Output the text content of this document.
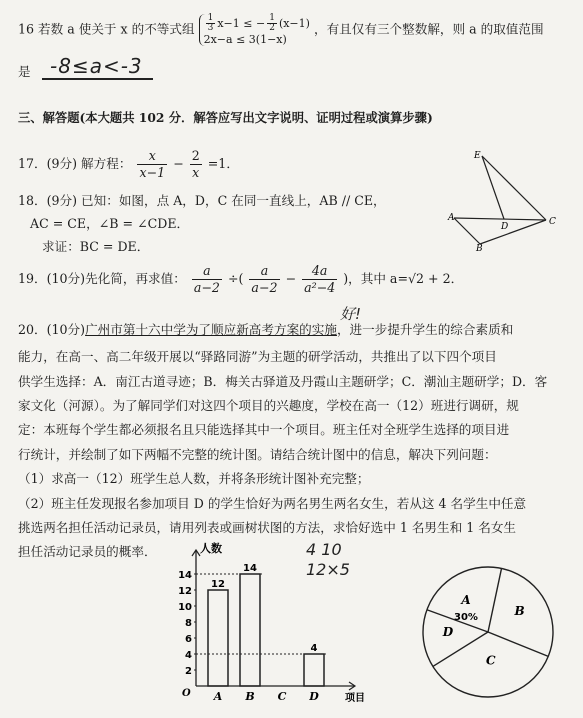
16 若数 a 使关于 x 的不等式组 $\frac{1}{3} x-1$ ≤ − $\frac{1}{2} (x-1)$
2x−a ≤ 3(1−x) ，有且仅有三个整数解，则 a 的取值范围
是 -8≤a<-3
三、解答题(本大题共 102 分．解答应写出文字说明、证明过程或演算步骤)
17．(9分) 解方程： $\frac{x}{x-1} - \frac{2}{x} =1$．
18．(9分) 已知：如图，点 A，D，C 在同一直线上，AB // CE，
AC = CE，∠B = ∠CDE．
求证：BC = DE．
E
A
D	C
B
19．(10分)先化简，再求值： $\frac{a}{a-2}$ ÷( $\frac{a}{a-2} - \frac{4a}{\text{a²−4}}$ )，其中 a=√2 + 2．
好!
20．(10分)广州市第十六中学为了顺应新高考方案的实施，进一步提升学生的综合素质和
能力，在高一、高二年级开展以“驿路同游”为主题的研学活动，共推出了以下四个项目
供学生选择：A．南江古道寻迹；B．梅关古驿道及丹霞山主题研学；C．潮汕主题研学；D．客
家文化（河源）。为了解同学们对这四个项目的兴趣度，学校在高一（12）班进行调研，规
定：本班每个学生都必须报名且只能选择其中一个项目。班主任对全班学生选择的项目进
行统计，并绘制了如下两幅不完整的统计图。请结合统计图中的信息，解决下列问题：
（1）求高一（12）班学生总人数，并将条形统计图补充完整；
（2）班主任发现报名参加项目 D 的学生恰好为两名男生两名女生，若从这 4 名学生中任意
挑选两名担任活动记录员，请用列表或画树状图的方法，求恰好选中 1 名男生和 1 名女生
担任活动记录员的概率．	4 10
12×5
人数
项目
O
2
4
6
8
10
12
14
A
12
B
14
C D
4
A
30%	B
C
D
